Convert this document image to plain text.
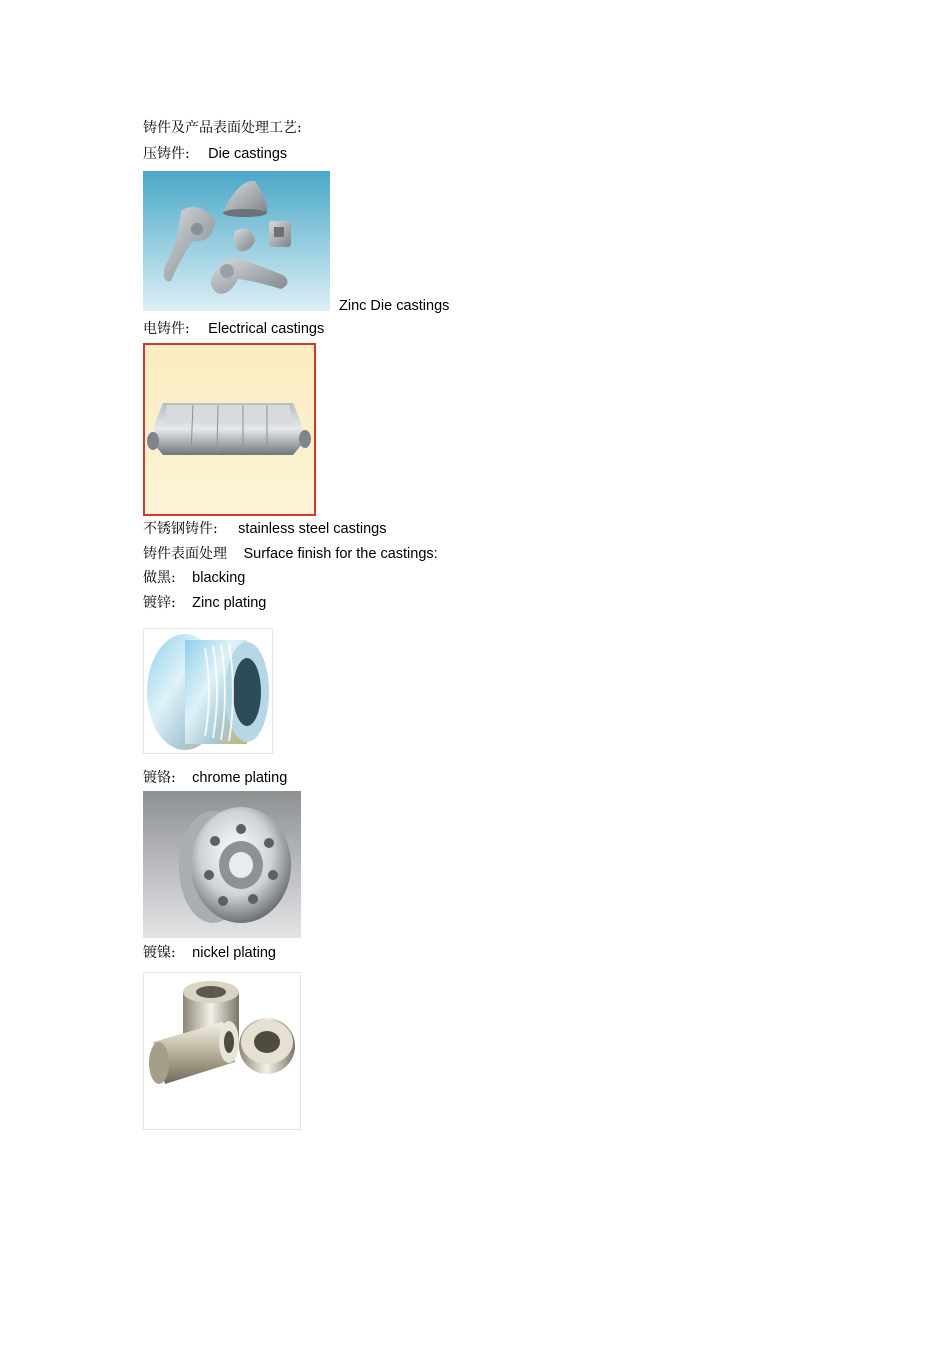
铸件及产品表面处理工艺:
压铸件: Die castings
Zinc Die castings
电铸件: Electrical castings
不锈钢铸件: stainless steel castings
铸件表面处理 Surface finish for the castings:
做黑: blacking
镀锌: Zinc plating
镀铬: chrome plating
镀镍: nickel plating
